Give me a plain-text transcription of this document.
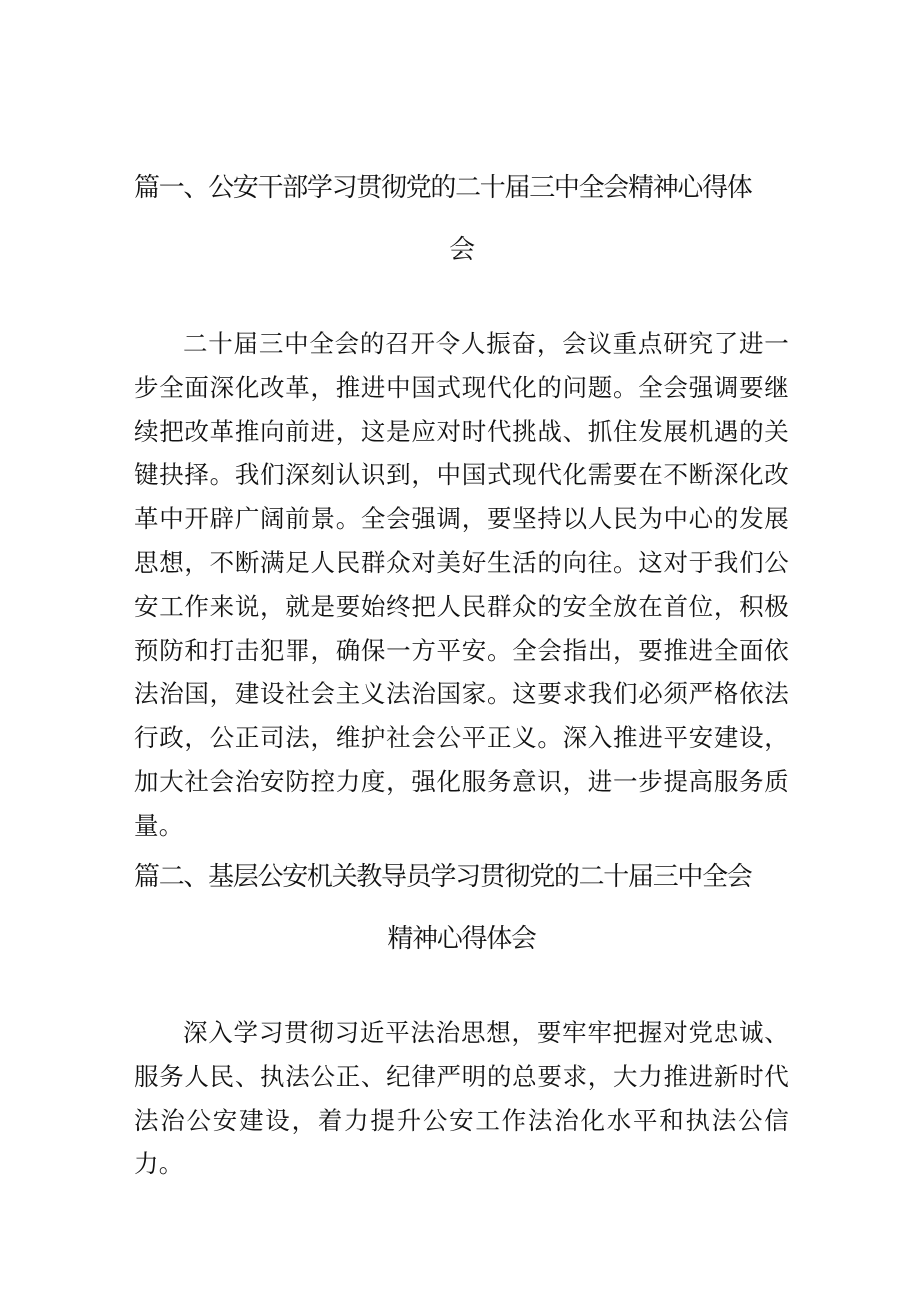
篇一、公安干部学习贯彻党的二十届三中全会精神心得体
会

二十届三中全会的召开令人振奋，会议重点研究了进一步全面深化改革，推进中国式现代化的问题。全会强调要继续把改革推向前进，这是应对时代挑战、抓住发展机遇的关键抉择。我们深刻认识到，中国式现代化需要在不断深化改革中开辟广阔前景。全会强调，要坚持以人民为中心的发展思想，不断满足人民群众对美好生活的向往。这对于我们公安工作来说，就是要始终把人民群众的安全放在首位，积极预防和打击犯罪，确保一方平安。全会指出，要推进全面依法治国，建设社会主义法治国家。这要求我们必须严格依法行政，公正司法，维护社会公平正义。深入推进平安建设，加大社会治安防控力度，强化服务意识，进一步提高服务质量。

篇二、基层公安机关教导员学习贯彻党的二十届三中全会
精神心得体会

深入学习贯彻习近平法治思想，要牢牢把握对党忠诚、服务人民、执法公正、纪律严明的总要求，大力推进新时代法治公安建设，着力提升公安工作法治化水平和执法公信力。
